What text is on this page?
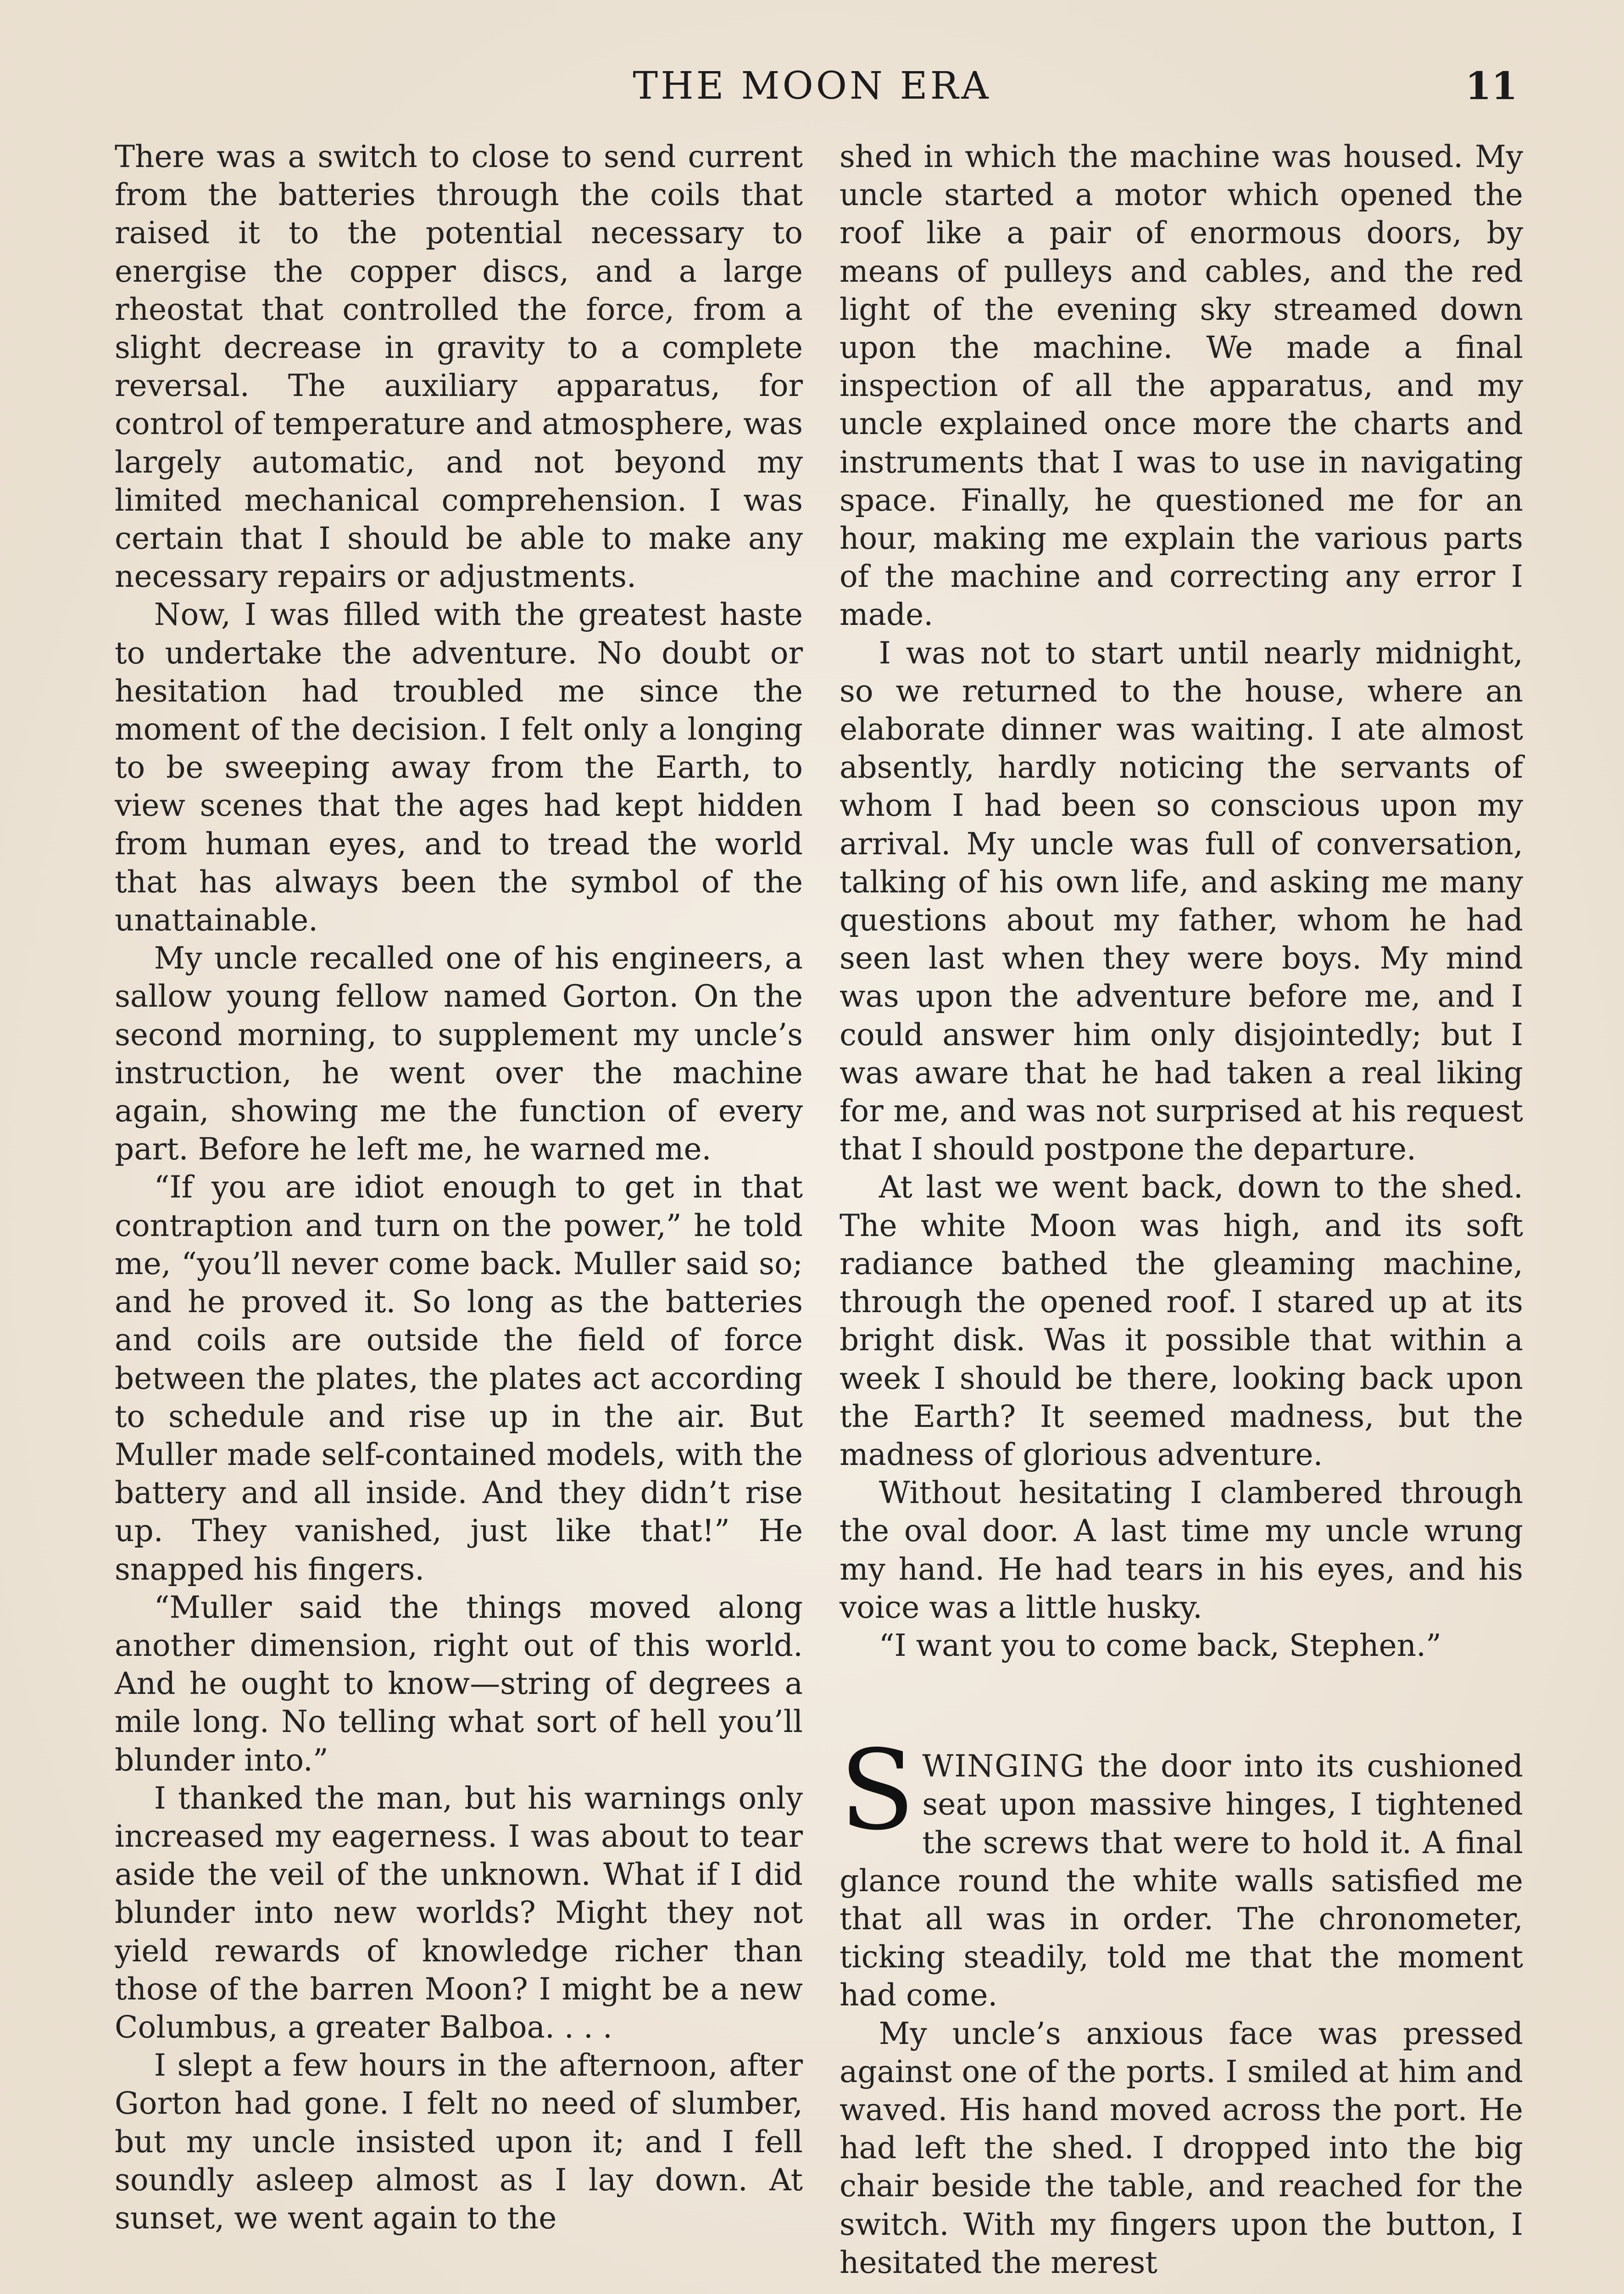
THE MOON ERA	11

There was a switch to close to send current from the batteries through the coils that raised it to the potential necessary to energise the copper discs, and a large rheostat that controlled the force, from a slight decrease in gravity to a complete reversal. The auxiliary apparatus, for control of temperature and atmosphere, was largely automatic, and not beyond my limited mechanical comprehension. I was certain that I should be able to make any necessary repairs or adjustments.

Now, I was filled with the greatest haste to undertake the adventure. No doubt or hesitation had troubled me since the moment of the decision. I felt only a longing to be sweeping away from the Earth, to view scenes that the ages had kept hidden from human eyes, and to tread the world that has always been the symbol of the unattainable.

My uncle recalled one of his engineers, a sallow young fellow named Gorton. On the second morning, to supplement my uncle’s instruction, he went over the machine again, showing me the function of every part. Before he left me, he warned me.

“If you are idiot enough to get in that contraption and turn on the power,” he told me, “you’ll never come back. Muller said so; and he proved it. So long as the batteries and coils are outside the field of force between the plates, the plates act according to schedule and rise up in the air. But Muller made self-contained models, with the battery and all inside. And they didn’t rise up. They vanished, just like that!” He snapped his fingers.

“Muller said the things moved along another dimension, right out of this world. And he ought to know—string of degrees a mile long. No telling what sort of hell you’ll blunder into.”

I thanked the man, but his warnings only increased my eagerness. I was about to tear aside the veil of the unknown. What if I did blunder into new worlds? Might they not yield rewards of knowledge richer than those of the barren Moon? I might be a new Columbus, a greater Balboa. . . .

I slept a few hours in the afternoon, after Gorton had gone. I felt no need of slumber, but my uncle insisted upon it; and I fell soundly asleep almost as I lay down. At sunset, we went again to the

shed in which the machine was housed. My uncle started a motor which opened the roof like a pair of enormous doors, by means of pulleys and cables, and the red light of the evening sky streamed down upon the machine. We made a final inspection of all the apparatus, and my uncle explained once more the charts and instruments that I was to use in navigating space. Finally, he questioned me for an hour, making me explain the various parts of the machine and correcting any error I made.

I was not to start until nearly midnight, so we returned to the house, where an elaborate dinner was waiting. I ate almost absently, hardly noticing the servants of whom I had been so conscious upon my arrival. My uncle was full of conversation, talking of his own life, and asking me many questions about my father, whom he had seen last when they were boys. My mind was upon the adventure before me, and I could answer him only disjointedly; but I was aware that he had taken a real liking for me, and was not surprised at his request that I should postpone the departure.

At last we went back, down to the shed. The white Moon was high, and its soft radiance bathed the gleaming machine, through the opened roof. I stared up at its bright disk. Was it possible that within a week I should be there, looking back upon the Earth? It seemed madness, but the madness of glorious adventure.

Without hesitating I clambered through the oval door. A last time my uncle wrung my hand. He had tears in his eyes, and his voice was a little husky.

“I want you to come back, Stephen.”

SWINGING the door into its cushioned seat upon massive hinges, I tightened the screws that were to hold it. A final glance round the white walls satisfied me that all was in order. The chronometer, ticking steadily, told me that the moment had come.

My uncle’s anxious face was pressed against one of the ports. I smiled at him and waved. His hand moved across the port. He had left the shed. I dropped into the big chair beside the table, and reached for the switch. With my fingers upon the button, I hesitated the merest
